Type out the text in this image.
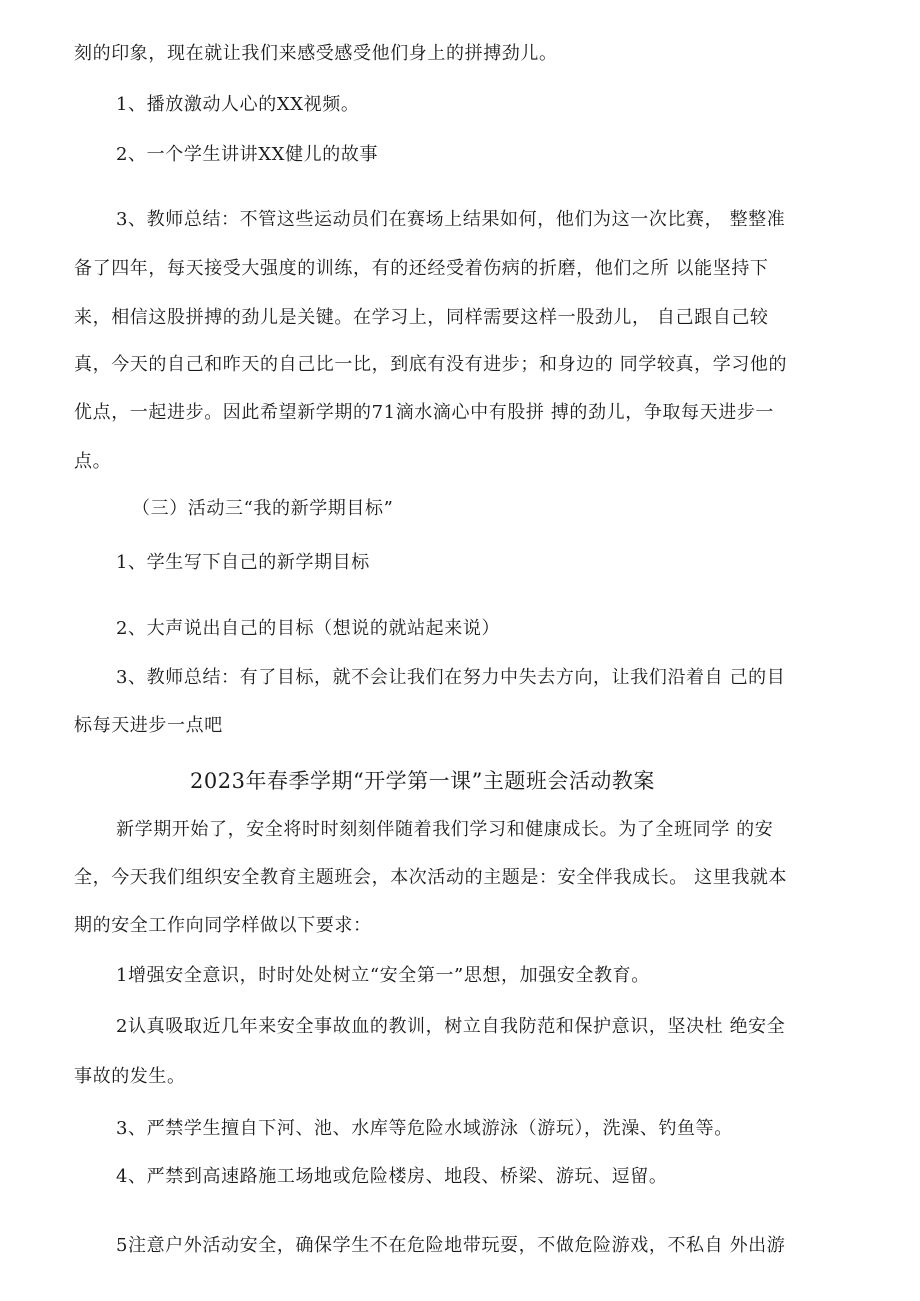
刻的印象，现在就让我们来感受感受他们身上的拼搏劲儿。
1、播放激动人心的XX视频。
2、一个学生讲讲XX健儿的故事
3、教师总结：不管这些运动员们在赛场上结果如何，他们为这一次比赛， 整整准
备了四年，每天接受大强度的训练，有的还经受着伤病的折磨，他们之所 以能坚持下
来，相信这股拼搏的劲儿是关键。在学习上，同样需要这样一股劲儿， 自己跟自己较
真，今天的自己和昨天的自己比一比，到底有没有进步；和身边的 同学较真，学习他的
优点，一起进步。因此希望新学期的71滴水滴心中有股拼 搏的劲儿，争取每天进步一
点。
（三）活动三“我的新学期目标”
1、学生写下自己的新学期目标
2、大声说出自己的目标（想说的就站起来说）
3、教师总结：有了目标，就不会让我们在努力中失去方向，让我们沿着自 己的目
标每天进步一点吧
2023年春季学期“开学第一课”主题班会活动教案
新学期开始了，安全将时时刻刻伴随着我们学习和健康成长。为了全班同学 的安
全，今天我们组织安全教育主题班会，本次活动的主题是：安全伴我成长。 这里我就本
期的安全工作向同学样做以下要求：
1增强安全意识，时时处处树立“安全第一”思想，加强安全教育。
2认真吸取近几年来安全事故血的教训，树立自我防范和保护意识，坚决杜 绝安全
事故的发生。
3、严禁学生擅自下河、池、水库等危险水域游泳（游玩），洗澡、钓鱼等。
4、严禁到高速路施工场地或危险楼房、地段、桥梁、游玩、逗留。
5注意户外活动安全，确保学生不在危险地带玩耍，不做危险游戏，不私自 外出游
